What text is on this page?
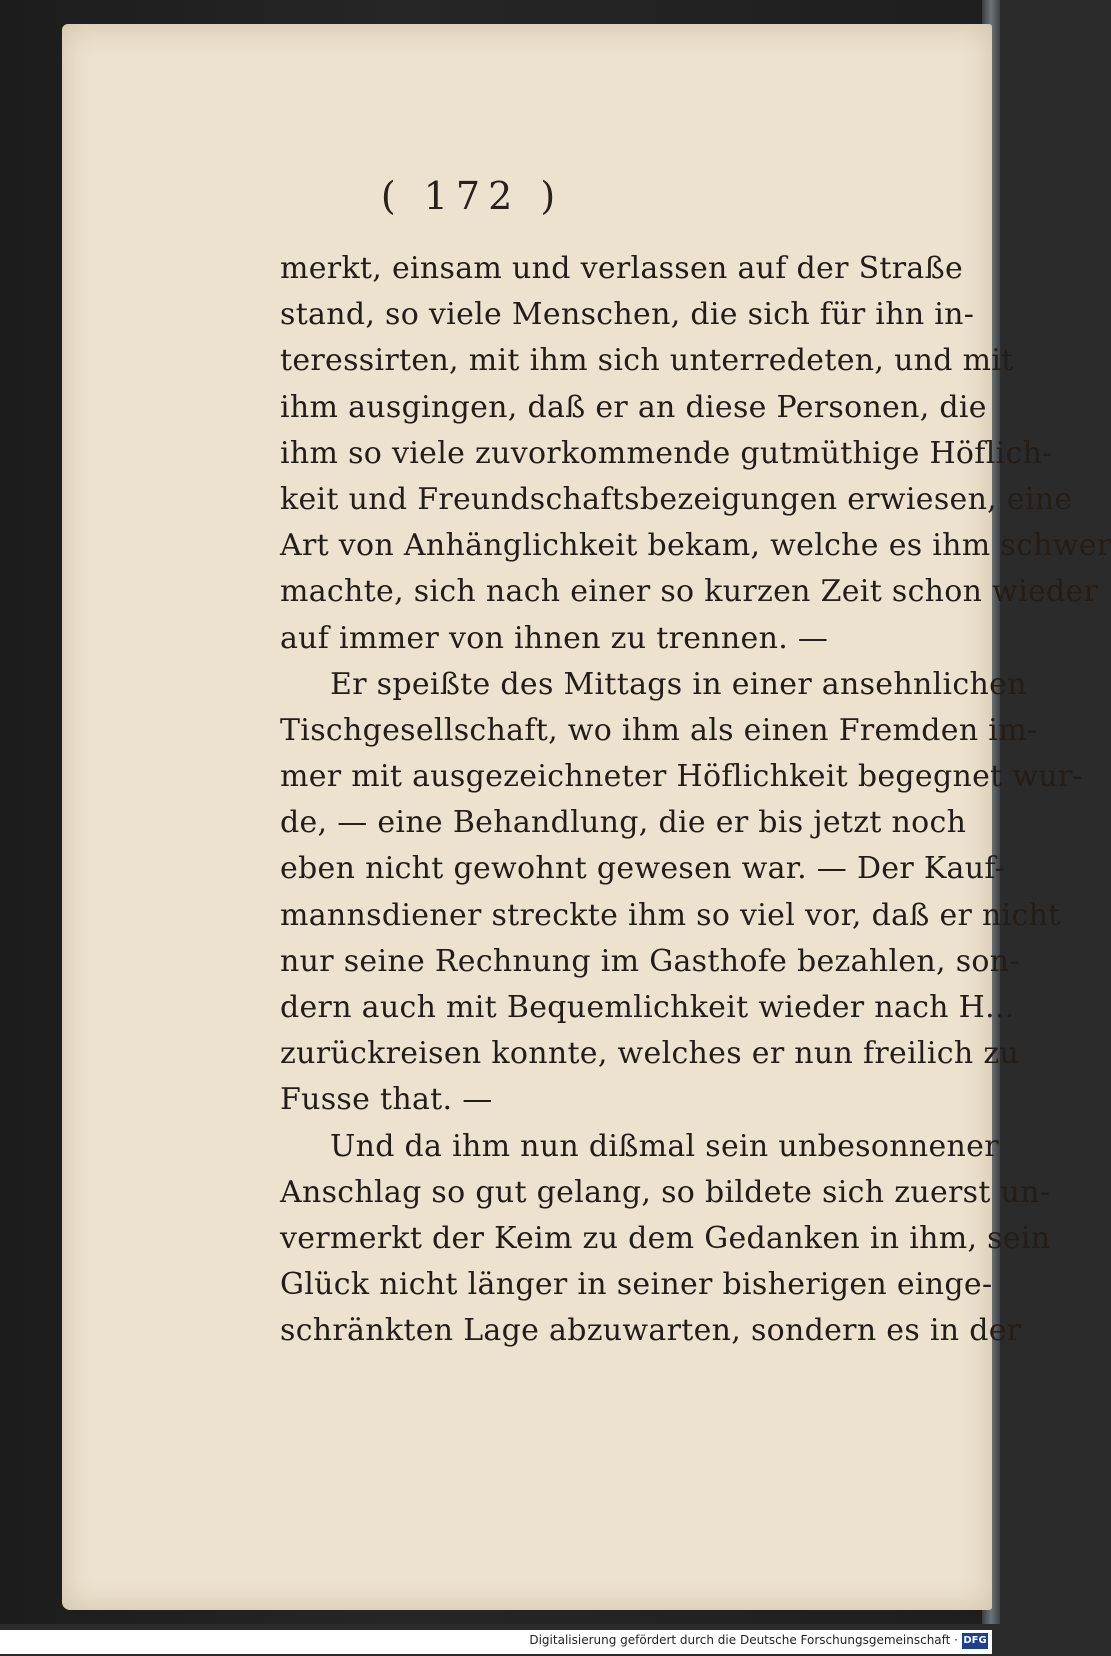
( 172 )
merkt, einsam und verlassen auf der Straße
stand, so viele Menschen, die sich für ihn in-
teressirten, mit ihm sich unterredeten, und mit
ihm ausgingen, daß er an diese Personen, die
ihm so viele zuvorkommende gutmüthige Höflich-
keit und Freundschaftsbezeigungen erwiesen, eine
Art von Anhänglichkeit bekam, welche es ihm schwer
machte, sich nach einer so kurzen Zeit schon wieder
auf immer von ihnen zu trennen. —
Er speißte des Mittags in einer ansehnlichen
Tischgesellschaft, wo ihm als einen Fremden im-
mer mit ausgezeichneter Höflichkeit begegnet wur-
de, — eine Behandlung, die er bis jetzt noch
eben nicht gewohnt gewesen war. — Der Kauf-
mannsdiener streckte ihm so viel vor, daß er nicht
nur seine Rechnung im Gasthofe bezahlen, son-
dern auch mit Bequemlichkeit wieder nach H...
zurückreisen konnte, welches er nun freilich zu
Fusse that. —
Und da ihm nun dißmal sein unbesonnener
Anschlag so gut gelang, so bildete sich zuerst un-
vermerkt der Keim zu dem Gedanken in ihm, sein
Glück nicht länger in seiner bisherigen einge-
schränkten Lage abzuwarten, sondern es in der
Digitalisierung gefördert durch die Deutsche Forschungsgemeinschaft · DFG
